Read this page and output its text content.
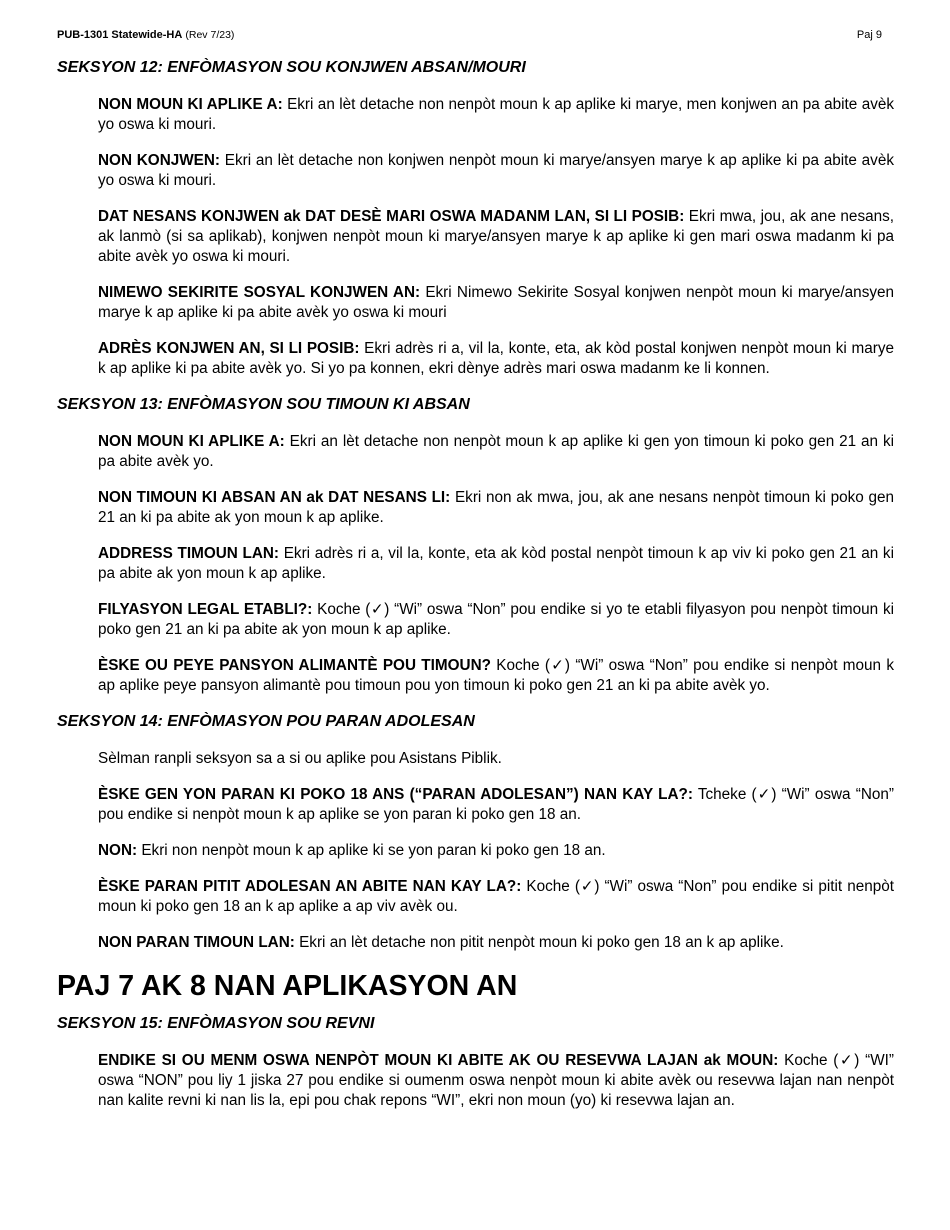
PUB-1301 Statewide-HA (Rev 7/23)	Paj 9
SEKSYON 12: ENFÒMASYON SOU KONJWEN ABSAN/MOURI

NON MOUN KI APLIKE A: Ekri an lèt detache non nenpòt moun k ap aplike ki marye, men konjwen an pa abite avèk yo oswa ki mouri.

NON KONJWEN: Ekri an lèt detache non konjwen nenpòt moun ki marye/ansyen marye k ap aplike ki pa abite avèk yo oswa ki mouri.

DAT NESANS KONJWEN ak DAT DESÈ MARI OSWA MADANM LAN, SI LI POSIB: Ekri mwa, jou, ak ane nesans, ak lanmò (si sa aplikab), konjwen nenpòt moun ki marye/ansyen marye k ap aplike ki gen mari oswa madanm ki pa abite avèk yo oswa ki mouri.

NIMEWO SEKIRITE SOSYAL KONJWEN AN: Ekri Nimewo Sekirite Sosyal konjwen nenpòt moun ki marye/ansyen marye k ap aplike ki pa abite avèk yo oswa ki mouri

ADRÈS KONJWEN AN, SI LI POSIB: Ekri adrès ri a, vil la, konte, eta, ak kòd postal konjwen nenpòt moun ki marye k ap aplike ki pa abite avèk yo. Si yo pa konnen, ekri dènye adrès mari oswa madanm ke li konnen.

SEKSYON 13: ENFÒMASYON SOU TIMOUN KI ABSAN

NON MOUN KI APLIKE A: Ekri an lèt detache non nenpòt moun k ap aplike ki gen yon timoun ki poko gen 21 an ki pa abite avèk yo.

NON TIMOUN KI ABSAN AN ak DAT NESANS LI: Ekri non ak mwa, jou, ak ane nesans nenpòt timoun ki poko gen 21 an ki pa abite ak yon moun k ap aplike.

ADDRESS TIMOUN LAN: Ekri adrès ri a, vil la, konte, eta ak kòd postal nenpòt timoun k ap viv ki poko gen 21 an ki pa abite ak yon moun k ap aplike.

FILYASYON LEGAL ETABLI?: Koche (✓) “Wi” oswa “Non” pou endike si yo te etabli filyasyon pou nenpòt timoun ki poko gen 21 an ki pa abite ak yon moun k ap aplike.

ÈSKE OU PEYE PANSYON ALIMANTÈ POU TIMOUN? Koche (✓) “Wi” oswa “Non” pou endike si nenpòt moun k ap aplike peye pansyon alimantè pou timoun pou yon timoun ki poko gen 21 an ki pa abite avèk yo.

SEKSYON 14: ENFÒMASYON POU PARAN ADOLESAN

Sèlman ranpli seksyon sa a si ou aplike pou Asistans Piblik.

ÈSKE GEN YON PARAN KI POKO 18 ANS (“PARAN ADOLESAN”) NAN KAY LA?: Tcheke (✓) “Wi” oswa “Non” pou endike si nenpòt moun k ap aplike se yon paran ki poko gen 18 an.

NON: Ekri non nenpòt moun k ap aplike ki se yon paran ki poko gen 18 an.

ÈSKE PARAN PITIT ADOLESAN AN ABITE NAN KAY LA?: Koche (✓) “Wi” oswa “Non” pou endike si pitit nenpòt moun ki poko gen 18 an k ap aplike a ap viv avèk ou.

NON PARAN TIMOUN LAN: Ekri an lèt detache non pitit nenpòt moun ki poko gen 18 an k ap aplike.

PAJ 7 AK 8 NAN APLIKASYON AN
SEKSYON 15: ENFÒMASYON SOU REVNI

ENDIKE SI OU MENM OSWA NENPÒT MOUN KI ABITE AK OU RESEVWA LAJAN ak MOUN: Koche (✓) “WI” oswa “NON” pou liy 1 jiska 27 pou endike si oumenm oswa nenpòt moun ki abite avèk ou resevwa lajan nan nenpòt nan kalite revni ki nan lis la, epi pou chak repons “WI”, ekri non moun (yo) ki resevwa lajan an.
